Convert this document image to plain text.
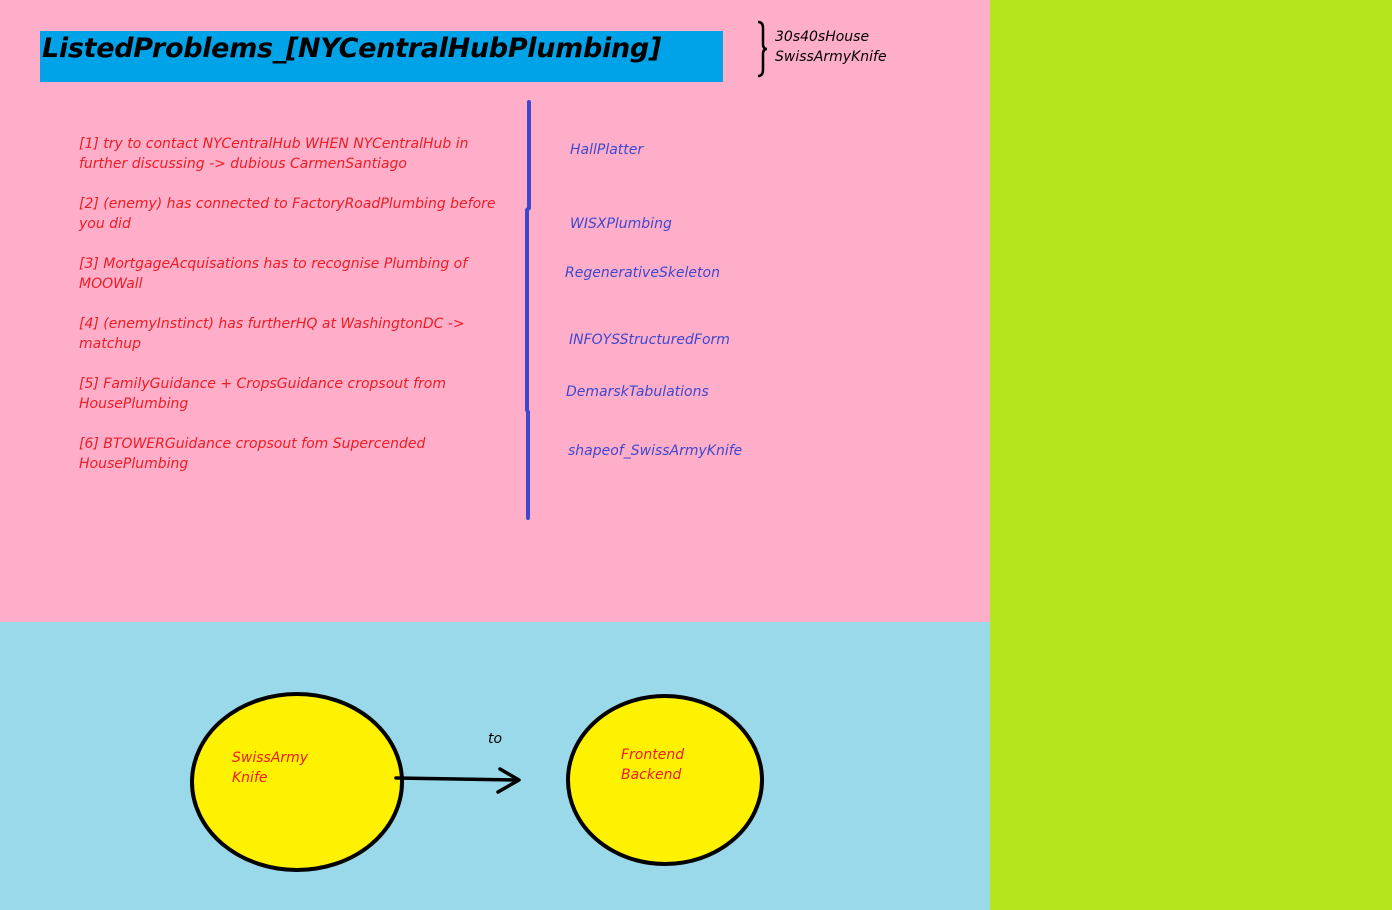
ListedProblems_[NYCentralHubPlumbing]	30s40sHouse
SwissArmyKnife
[1] try to contact NYCentralHub WHEN NYCentralHub in
further discussing -> dubious CarmenSantiago
[2] (enemy) has connected to FactoryRoadPlumbing before
you did
[3] MortgageAcquisations has to recognise Plumbing of
MOOWall
[4] (enemyInstinct) has furtherHQ at WashingtonDC ->
matchup
[5] FamilyGuidance + CropsGuidance cropsout from
HousePlumbing
[6] BTOWERGuidance cropsout fom Supercended
HousePlumbing
HallPlatter
WISXPlumbing
RegenerativeSkeleton
INFOYSStructuredForm
DemarskTabulations
shapeof_SwissArmyKnife
SwissArmy
Knife
Frontend
Backend
to
